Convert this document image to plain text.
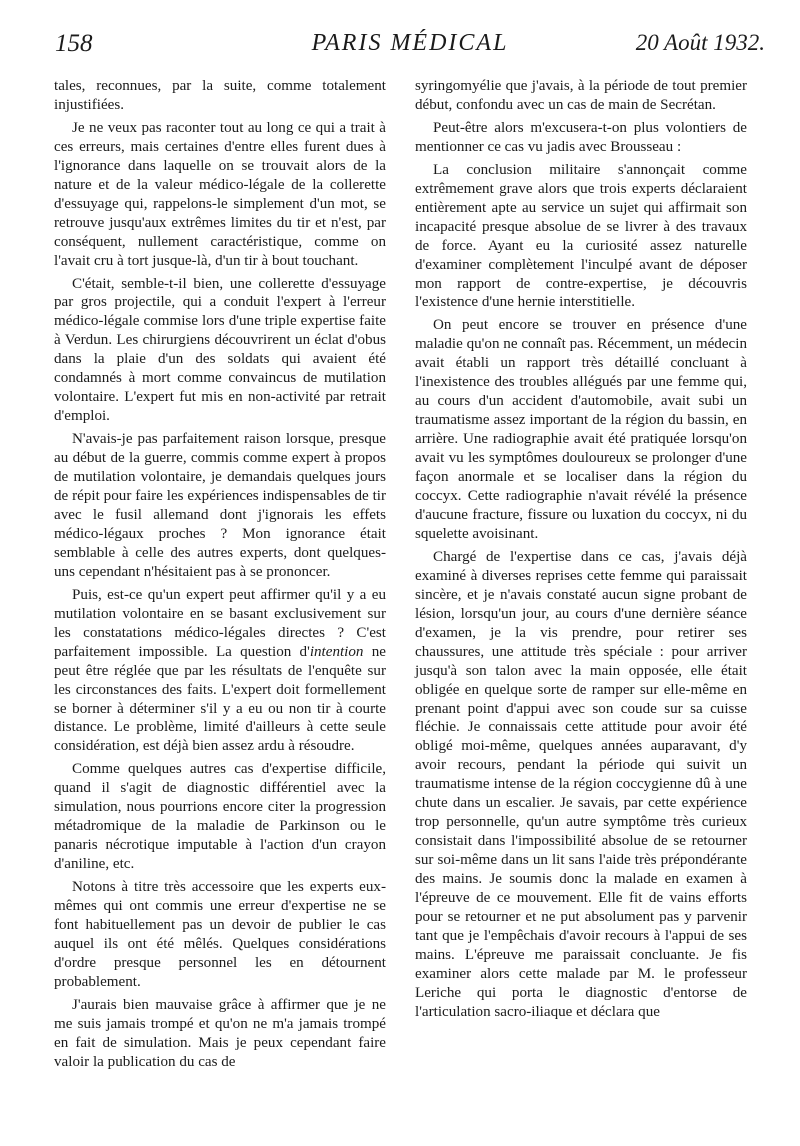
158	PARIS MÉDICAL	20 Août 1932.

tales, reconnues, par la suite, comme totalement injustifiées.

Je ne veux pas raconter tout au long ce qui a trait à ces erreurs, mais certaines d'entre elles furent dues à l'ignorance dans laquelle on se trouvait alors de la nature et de la valeur médico-légale de la collerette d'essuyage qui, rappelons-le simplement d'un mot, se retrouve jusqu'aux extrêmes limites du tir et n'est, par conséquent, nullement caractéristique, comme on l'avait cru à tort jusque-là, d'un tir à bout touchant.

C'était, semble-t-il bien, une collerette d'essuyage par gros projectile, qui a conduit l'expert à l'erreur médico-légale commise lors d'une triple expertise faite à Verdun. Les chirurgiens découvrirent un éclat d'obus dans la plaie d'un des soldats qui avaient été condamnés à mort comme convaincus de mutilation volontaire. L'expert fut mis en non-activité par retrait d'emploi.

N'avais-je pas parfaitement raison lorsque, presque au début de la guerre, commis comme expert à propos de mutilation volontaire, je demandais quelques jours de répit pour faire les expériences indispensables de tir avec le fusil allemand dont j'ignorais les effets médico-légaux proches ? Mon ignorance était semblable à celle des autres experts, dont quelques-uns cependant n'hésitaient pas à se prononcer.

Puis, est-ce qu'un expert peut affirmer qu'il y a eu mutilation volontaire en se basant exclusivement sur les constatations médico-légales directes ? C'est parfaitement impossible. La question d'intention ne peut être réglée que par les résultats de l'enquête sur les circonstances des faits. L'expert doit formellement se borner à déterminer s'il y a eu ou non tir à courte distance. Le problème, limité d'ailleurs à cette seule considération, est déjà bien assez ardu à résoudre.

Comme quelques autres cas d'expertise difficile, quand il s'agit de diagnostic différentiel avec la simulation, nous pourrions encore citer la progression métadromique de la maladie de Parkinson ou le panaris nécrotique imputable à l'action d'un crayon d'aniline, etc.

Notons à titre très accessoire que les experts eux-mêmes qui ont commis une erreur d'expertise ne se font habituellement pas un devoir de publier le cas auquel ils ont été mêlés. Quelques considérations d'ordre presque personnel les en détournent probablement.

J'aurais bien mauvaise grâce à affirmer que je ne me suis jamais trompé et qu'on ne m'a jamais trompé en fait de simulation. Mais je peux cependant faire valoir la publication du cas de

syringomyélie que j'avais, à la période de tout premier début, confondu avec un cas de main de Secrétan.

Peut-être alors m'excusera-t-on plus volontiers de mentionner ce cas vu jadis avec Brousseau :

La conclusion militaire s'annonçait comme extrêmement grave alors que trois experts déclaraient entièrement apte au service un sujet qui affirmait son incapacité presque absolue de se livrer à des travaux de force. Ayant eu la curiosité assez naturelle d'examiner complètement l'inculpé avant de déposer mon rapport de contre-expertise, je découvris l'existence d'une hernie interstitielle.

On peut encore se trouver en présence d'une maladie qu'on ne connaît pas. Récemment, un médecin avait établi un rapport très détaillé concluant à l'inexistence des troubles allégués par une femme qui, au cours d'un accident d'automobile, avait subi un traumatisme assez important de la région du bassin, en arrière. Une radiographie avait été pratiquée lorsqu'on avait vu les symptômes douloureux se prolonger d'une façon anormale et se localiser dans la région du coccyx. Cette radiographie n'avait révélé la présence d'aucune fracture, fissure ou luxation du coccyx, ni du squelette avoisinant.

Chargé de l'expertise dans ce cas, j'avais déjà examiné à diverses reprises cette femme qui paraissait sincère, et je n'avais constaté aucun signe probant de lésion, lorsqu'un jour, au cours d'une dernière séance d'examen, je la vis prendre, pour retirer ses chaussures, une attitude très spéciale : pour arriver jusqu'à son talon avec la main opposée, elle était obligée en quelque sorte de ramper sur elle-même en prenant point d'appui avec son coude sur sa cuisse fléchie. Je connaissais cette attitude pour avoir été obligé moi-même, quelques années auparavant, d'y avoir recours, pendant la période qui suivit un traumatisme intense de la région coccygienne dû à une chute dans un escalier. Je savais, par cette expérience trop personnelle, qu'un autre symptôme très curieux consistait dans l'impossibilité absolue de se retourner sur soi-même dans un lit sans l'aide très prépondérante des mains. Je soumis donc la malade en examen à l'épreuve de ce mouvement. Elle fit de vains efforts pour se retourner et ne put absolument pas y parvenir tant que je l'empêchais d'avoir recours à l'appui de ses mains. L'épreuve me paraissait concluante. Je fis examiner alors cette malade par M. le professeur Leriche qui porta le diagnostic d'entorse de l'articulation sacro-iliaque et déclara que
